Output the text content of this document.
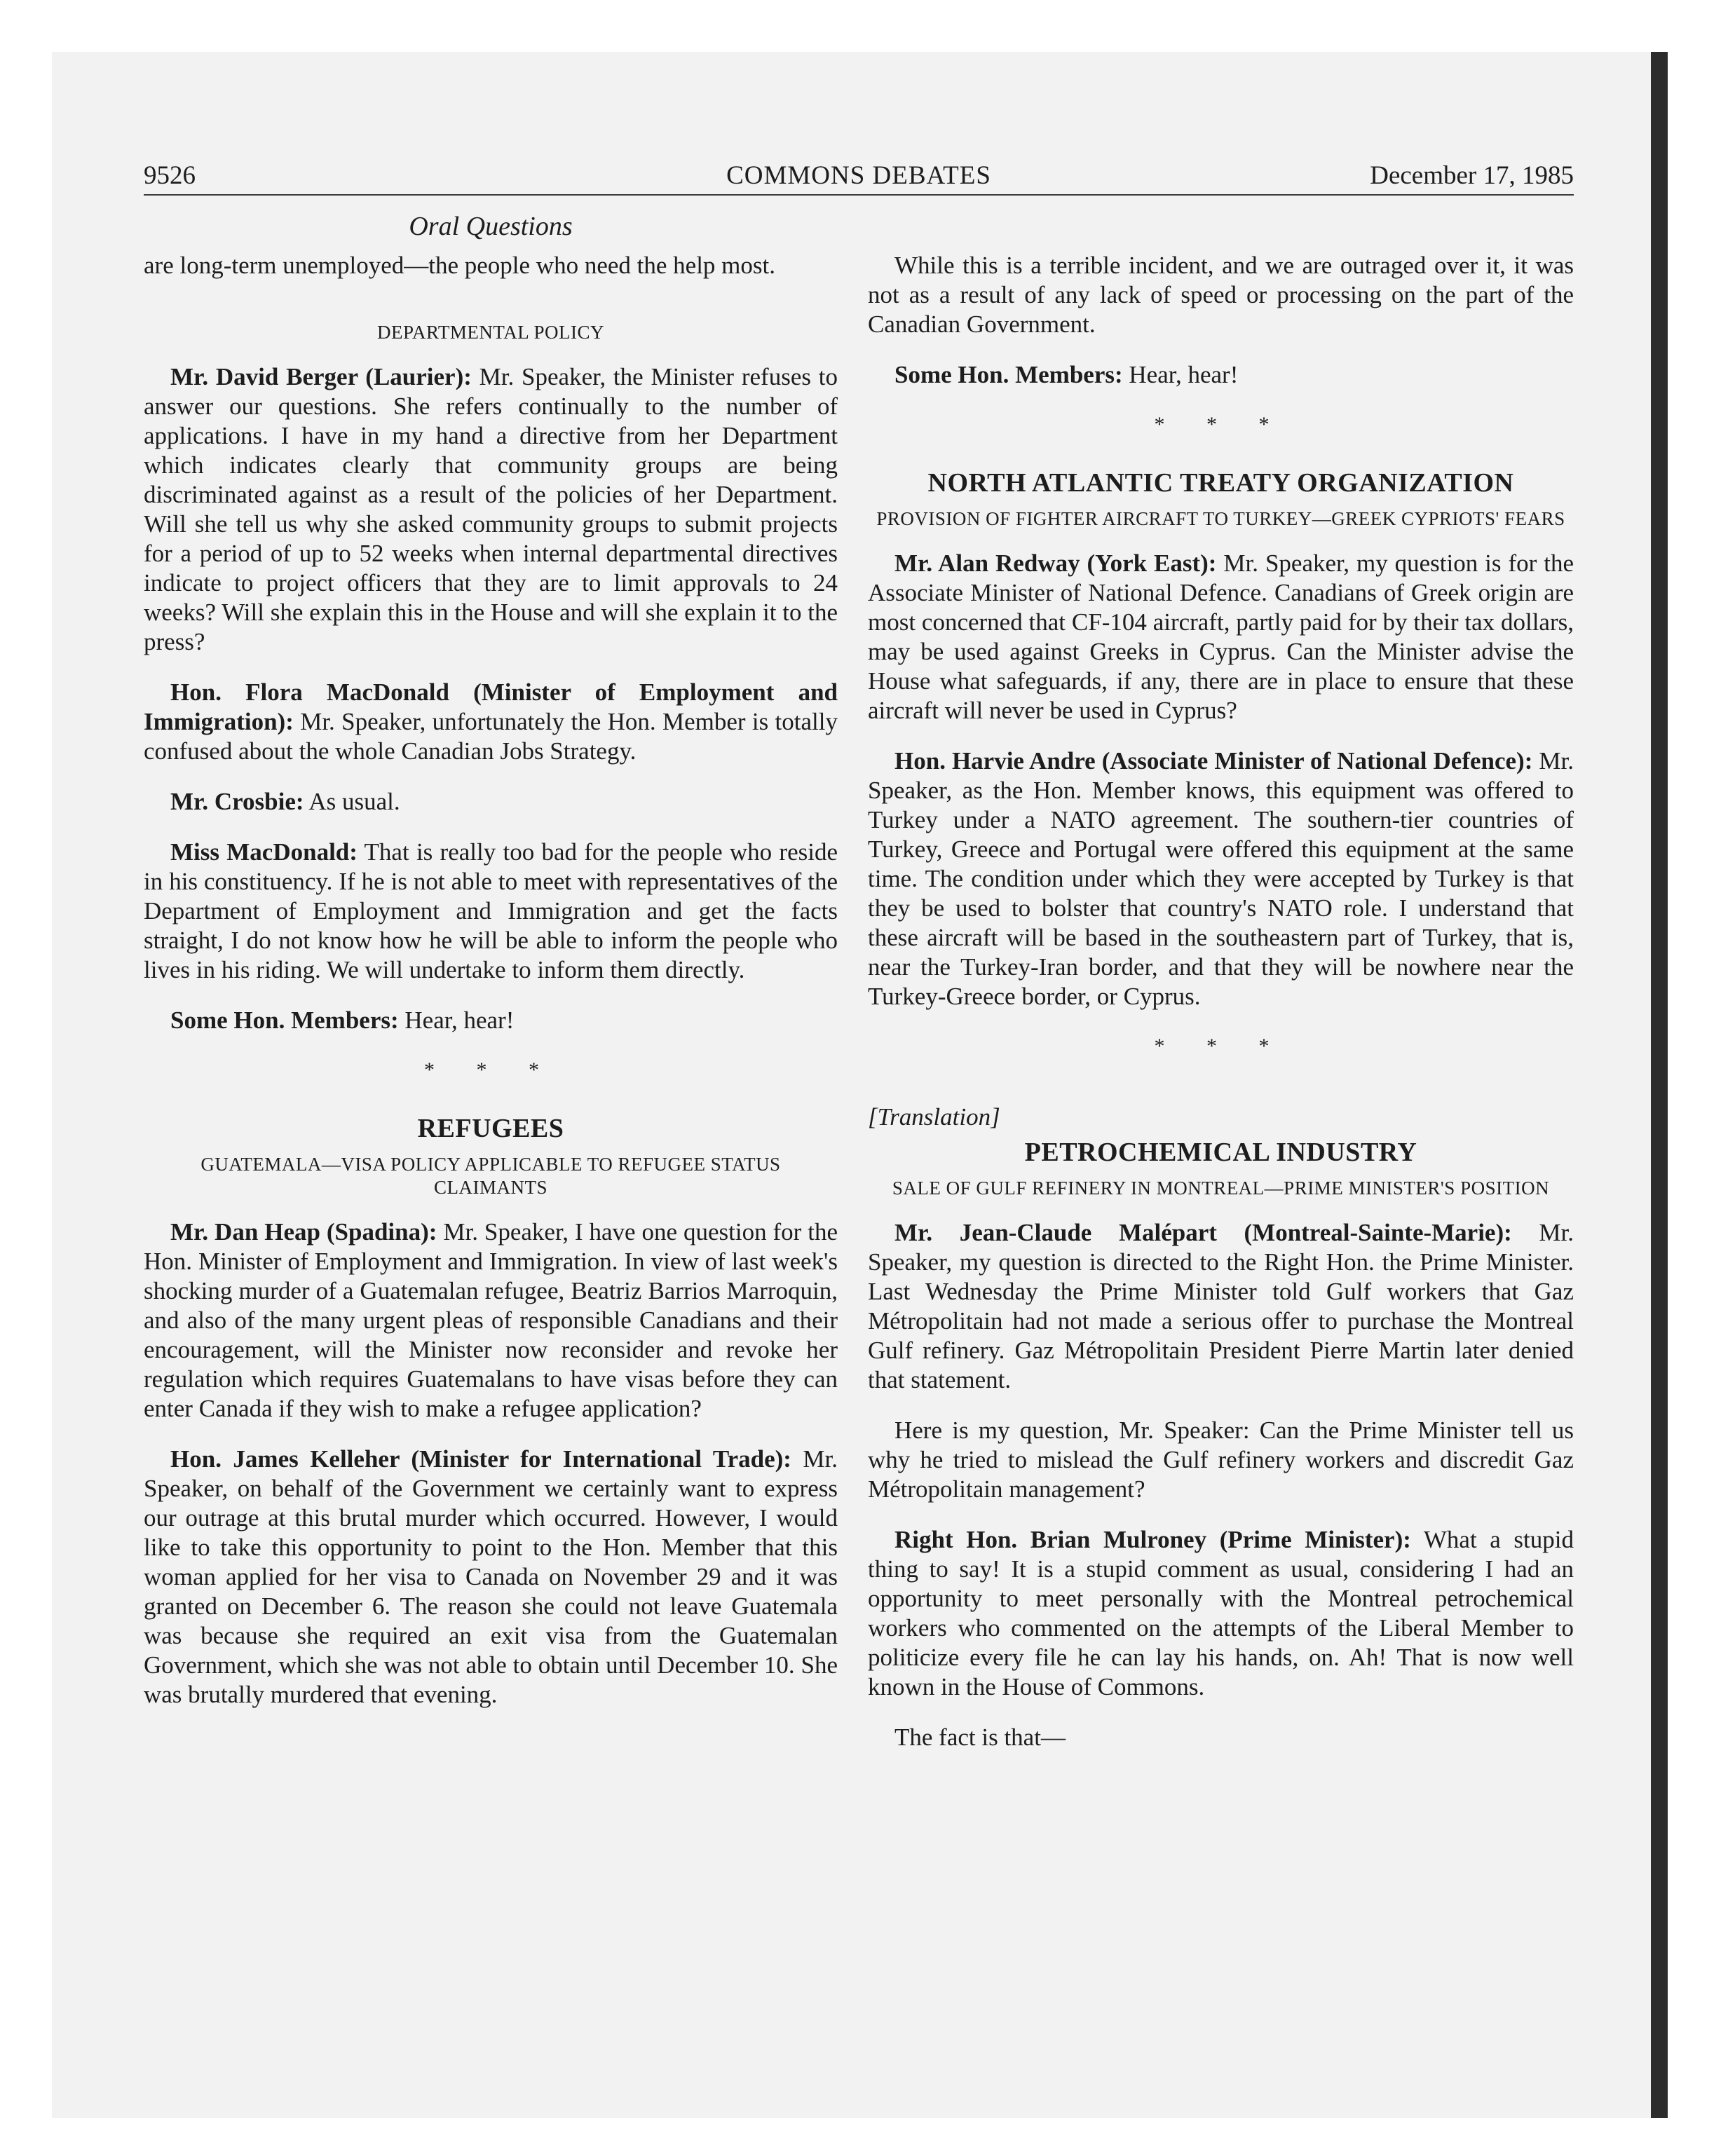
9526	COMMONS DEBATES	December 17, 1985
Oral Questions

are long-term unemployed—the people who need the help most.

DEPARTMENTAL POLICY

Mr. David Berger (Laurier): Mr. Speaker, the Minister refuses to answer our questions. She refers continually to the number of applications. I have in my hand a directive from her Department which indicates clearly that community groups are being discriminated against as a result of the policies of her Department. Will she tell us why she asked community groups to submit projects for a period of up to 52 weeks when internal departmental directives indicate to project officers that they are to limit approvals to 24 weeks? Will she explain this in the House and will she explain it to the press?

Hon. Flora MacDonald (Minister of Employment and Immigration): Mr. Speaker, unfortunately the Hon. Member is totally confused about the whole Canadian Jobs Strategy.

Mr. Crosbie: As usual.

Miss MacDonald: That is really too bad for the people who reside in his constituency. If he is not able to meet with representatives of the Department of Employment and Immigration and get the facts straight, I do not know how he will be able to inform the people who lives in his riding. We will undertake to inform them directly.

Some Hon. Members: Hear, hear!

* * *
REFUGEES
GUATEMALA—VISA POLICY APPLICABLE TO REFUGEE STATUS CLAIMANTS

Mr. Dan Heap (Spadina): Mr. Speaker, I have one question for the Hon. Minister of Employment and Immigration. In view of last week's shocking murder of a Guatemalan refugee, Beatriz Barrios Marroquin, and also of the many urgent pleas of responsible Canadians and their encouragement, will the Minister now reconsider and revoke her regulation which requires Guatemalans to have visas before they can enter Canada if they wish to make a refugee application?

Hon. James Kelleher (Minister for International Trade): Mr. Speaker, on behalf of the Government we certainly want to express our outrage at this brutal murder which occurred. However, I would like to take this opportunity to point to the Hon. Member that this woman applied for her visa to Canada on November 29 and it was granted on December 6. The reason she could not leave Guatemala was because she required an exit visa from the Guatemalan Government, which she was not able to obtain until December 10. She was brutally murdered that evening.

While this is a terrible incident, and we are outraged over it, it was not as a result of any lack of speed or processing on the part of the Canadian Government.

Some Hon. Members: Hear, hear!

* * *
NORTH ATLANTIC TREATY ORGANIZATION
PROVISION OF FIGHTER AIRCRAFT TO TURKEY—GREEK CYPRIOTS' FEARS

Mr. Alan Redway (York East): Mr. Speaker, my question is for the Associate Minister of National Defence. Canadians of Greek origin are most concerned that CF-104 aircraft, partly paid for by their tax dollars, may be used against Greeks in Cyprus. Can the Minister advise the House what safeguards, if any, there are in place to ensure that these aircraft will never be used in Cyprus?

Hon. Harvie Andre (Associate Minister of National Defence): Mr. Speaker, as the Hon. Member knows, this equipment was offered to Turkey under a NATO agreement. The southern-tier countries of Turkey, Greece and Portugal were offered this equipment at the same time. The condition under which they were accepted by Turkey is that they be used to bolster that country's NATO role. I understand that these aircraft will be based in the southeastern part of Turkey, that is, near the Turkey-Iran border, and that they will be nowhere near the Turkey-Greece border, or Cyprus.

* * *
[Translation]
PETROCHEMICAL INDUSTRY
SALE OF GULF REFINERY IN MONTREAL—PRIME MINISTER'S POSITION

Mr. Jean-Claude Malépart (Montreal-Sainte-Marie): Mr. Speaker, my question is directed to the Right Hon. the Prime Minister. Last Wednesday the Prime Minister told Gulf workers that Gaz Métropolitain had not made a serious offer to purchase the Montreal Gulf refinery. Gaz Métropolitain President Pierre Martin later denied that statement.

Here is my question, Mr. Speaker: Can the Prime Minister tell us why he tried to mislead the Gulf refinery workers and discredit Gaz Métropolitain management?

Right Hon. Brian Mulroney (Prime Minister): What a stupid thing to say! It is a stupid comment as usual, considering I had an opportunity to meet personally with the Montreal petrochemical workers who commented on the attempts of the Liberal Member to politicize every file he can lay his hands, on. Ah! That is now well known in the House of Commons.

The fact is that—
